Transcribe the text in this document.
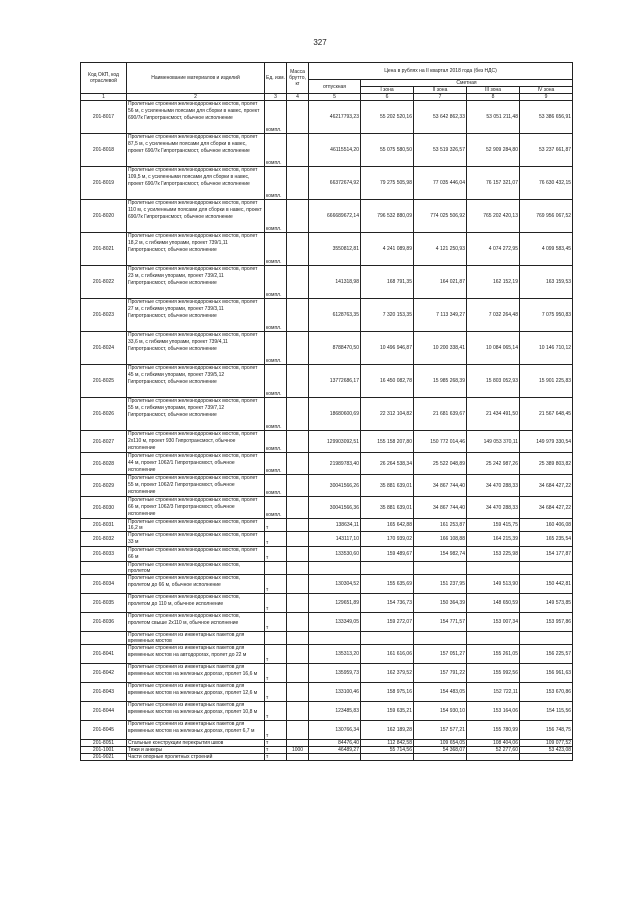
327
Код ОКП, код отраслевой	Наименование материалов и изделий	Ед. изм.	Масса брутто, кг	Цена в рублях на II квартал 2018 года (без НДС)				
				отпускная	Сметная			
					I зона	II зона	III зона	IV зона
1	2	3	4	5	6	7	8	9
201-8017	Пролетные строения железнодорожных мостов, пролет 56 м, с усиленными поясами для сборки в навес, проект 690/7к Гипротрансмост, обычное исполнение	компл.		46217793,23	55 202 520,16	53 642 862,33	53 051 211,48	53 386 656,91
201-8018	Пролетные строения железнодорожных мостов, пролет 87,5 м, с усиленными поясами для сборки в навес, проект 690/7к Гипротрансмост, обычное исполнение	компл.		46115514,20	55 075 580,50	53 519 326,57	52 909 284,80	53 237 661,87
201-8019	Пролетные строения железнодорожных мостов, пролет 109,5 м, с усиленными поясами для сборки в навес, проект 690/7к Гипротрансмост, обычное исполнение	компл.		66372674,92	79 275 505,98	77 035 446,04	76 157 321,07	76 630 432,15
201-8020	Пролетные строения железнодорожных мостов, пролет 110 м, с усиленными поясами для сборки в навес, проект 690/7к Гипротрансмост, обычное исполнение	компл.		666689672,14	796 532 880,09	774 025 506,92	765 202 420,13	769 956 067,52
201-8021	Пролетные строения железнодорожных мостов, пролет 18,2 м, с гибкими упорами, проект 739/1,11 Гипротрансмост, обычное исполнение	компл.		3550812,81	4 241 089,89	4 121 250,93	4 074 272,95	4 099 583,45
201-8022	Пролетные строения железнодорожных мостов, пролет 23 м, с гибкими упорами, проект 739/2,11 Гипротрансмост, обычное исполнение	компл.		141318,98	168 791,35	164 021,87	162 152,19	163 159,53
201-8023	Пролетные строения железнодорожных мостов, пролет 27 м, с гибкими упорами, проект 739/3,11 Гипротрансмост, обычное исполнение	компл.		6128763,35	7 320 153,35	7 113 349,27	7 032 264,48	7 075 950,83
201-8024	Пролетные строения железнодорожных мостов, пролет 33,6 м, с гибкими упорами, проект 739/4,11 Гипротрансмост, обычное исполнение	компл.		8788470,50	10 496 946,87	10 200 338,41	10 084 065,14	10 146 710,12
201-8025	Пролетные строения железнодорожных мостов, пролет 45 м, с гибкими упорами, проект 739/5,12 Гипротрансмост, обычное исполнение	компл.		13772686,17	16 450 082,78	15 985 268,39	15 803 052,93	15 901 225,83
201-8026	Пролетные строения железнодорожных мостов, пролет 55 м, с гибкими упорами, проект 739/7,12 Гипротрансмост, обычное исполнение	компл.		18680600,69	22 312 104,82	21 681 639,67	21 434 491,50	21 567 648,45
201-8027	Пролетные строения железнодорожных мостов, пролет 2x110 м, проект 930 Гипротрансмост, обычное исполнение	компл.		129903092,51	155 158 207,80	150 772 014,46	149 053 370,11	149 979 330,54
201-8028	Пролетные строения железнодорожных мостов, пролет 44 м, проект 1062/1 Гипротрансмост, обычное исполнение	компл.		21989783,40	26 264 538,34	25 522 048,89	25 242 987,26	25 389 803,82
201-8029	Пролетные строения железнодорожных мостов, пролет 55 м, проект 1062/2 Гипротрансмост, обычное исполнение	компл.		30041566,26	35 881 639,01	34 867 744,40	34 470 288,33	34 684 427,22
201-8030	Пролетные строения железнодорожных мостов, пролет 66 м, проект 1062/3 Гипротрансмост, обычное исполнение	компл.		30041566,36	35 881 639,01	34 867 744,40	34 470 288,33	34 684 427,22
201-8031	Пролетные строения железнодорожных мостов, пролет 16,2 м	т		138634,11	165 642,88	161 253,87	159 415,75	160 406,08
201-8032	Пролетные строения железнодорожных мостов, пролет 33 м	т		143117,10	170 939,02	166 108,88	164 215,39	165 235,54
201-8033	Пролетные строения железнодорожных мостов, пролет 66 м	т		133530,60	159 489,67	154 982,74	153 225,98	154 177,87
	Пролетные строения железнодорожных мостов, пролетом							
201-8034	Пролетные строения железнодорожных мостов, пролетом до 66 м, обычное исполнение	т		130304,52	155 635,69	151 237,95	149 513,90	150 442,81
201-8035	Пролетные строения железнодорожных мостов, пролетом до 110 м, обычное исполнение	т		129651,89	154 736,73	150 364,39	148 650,59	149 573,85
201-8036	Пролетные строения железнодорожных мостов, пролетом свыше 2x110 м, обычное исполнение	т		133349,05	159 272,07	154 771,57	153 007,34	153 957,86
	Пролетные строения из инвентарных пакетов для временных мостов							
201-8041	Пролетные строения из инвентарных пакетов для временных мостов на автодорогах, пролет до 22 м	т		135313,20	161 616,06	157 051,27	155 261,05	156 225,57
201-8042	Пролетные строения из инвентарных пакетов для временных мостов на железных дорогах, пролет 16,6 м	т		135959,73	162 379,52	157 791,22	155 992,56	156 961,63
201-8043	Пролетные строения из инвентарных пакетов для временных мостов на железных дорогах, пролет 12,6 м	т		133100,46	158 975,16	154 483,05	152 722,11	153 670,86
201-8044	Пролетные строения из инвентарных пакетов для временных мостов на железных дорогах, пролет 10,8 м	т		123485,83	159 635,21	154 930,10	153 164,06	154 115,56
201-8045	Пролетные строения из инвентарных пакетов для временных мостов на железных дорогах, пролет 6,7 м	т		130766,34	162 189,28	157 577,21	155 780,99	156 748,75
201-8051	Стальные конструкции перекрытия швов	т		84476,40	112 842,58	109 654,05	108 404,06	109 077,52
201-1001	Тяжи и анкеры	т	1000	46489,27	55 714,56	54 368,07	52 277,60	53 423,08
201-9021	Части опорные пролетных строений	т						
